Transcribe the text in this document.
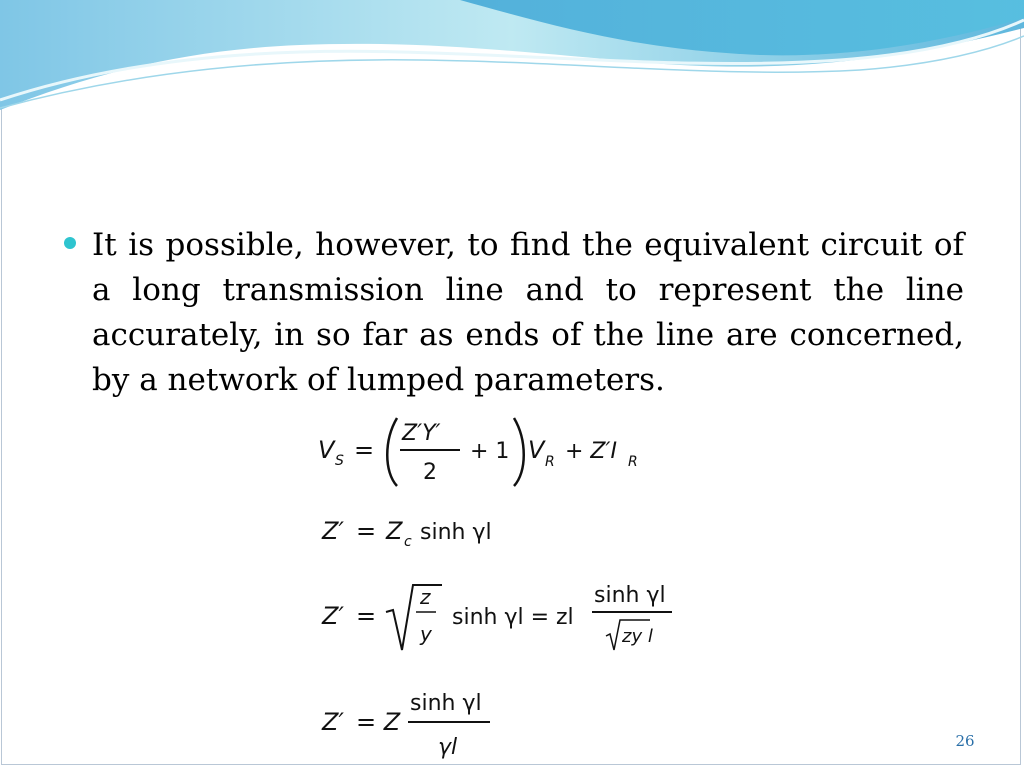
It is possible, however, to find the equivalent circuit of a long transmission line and to represent the line accurately, in so far as ends of the line are concerned, by a network of lumped parameters.

V S =
Z′Y′
2
+ 1 V R + Z′I R
Z′ = Z c sinh γl
Z′ =
z
y
sinh γl = zl
sinh γl
zy l
Z′ = Z
sinh γl
γl	26
